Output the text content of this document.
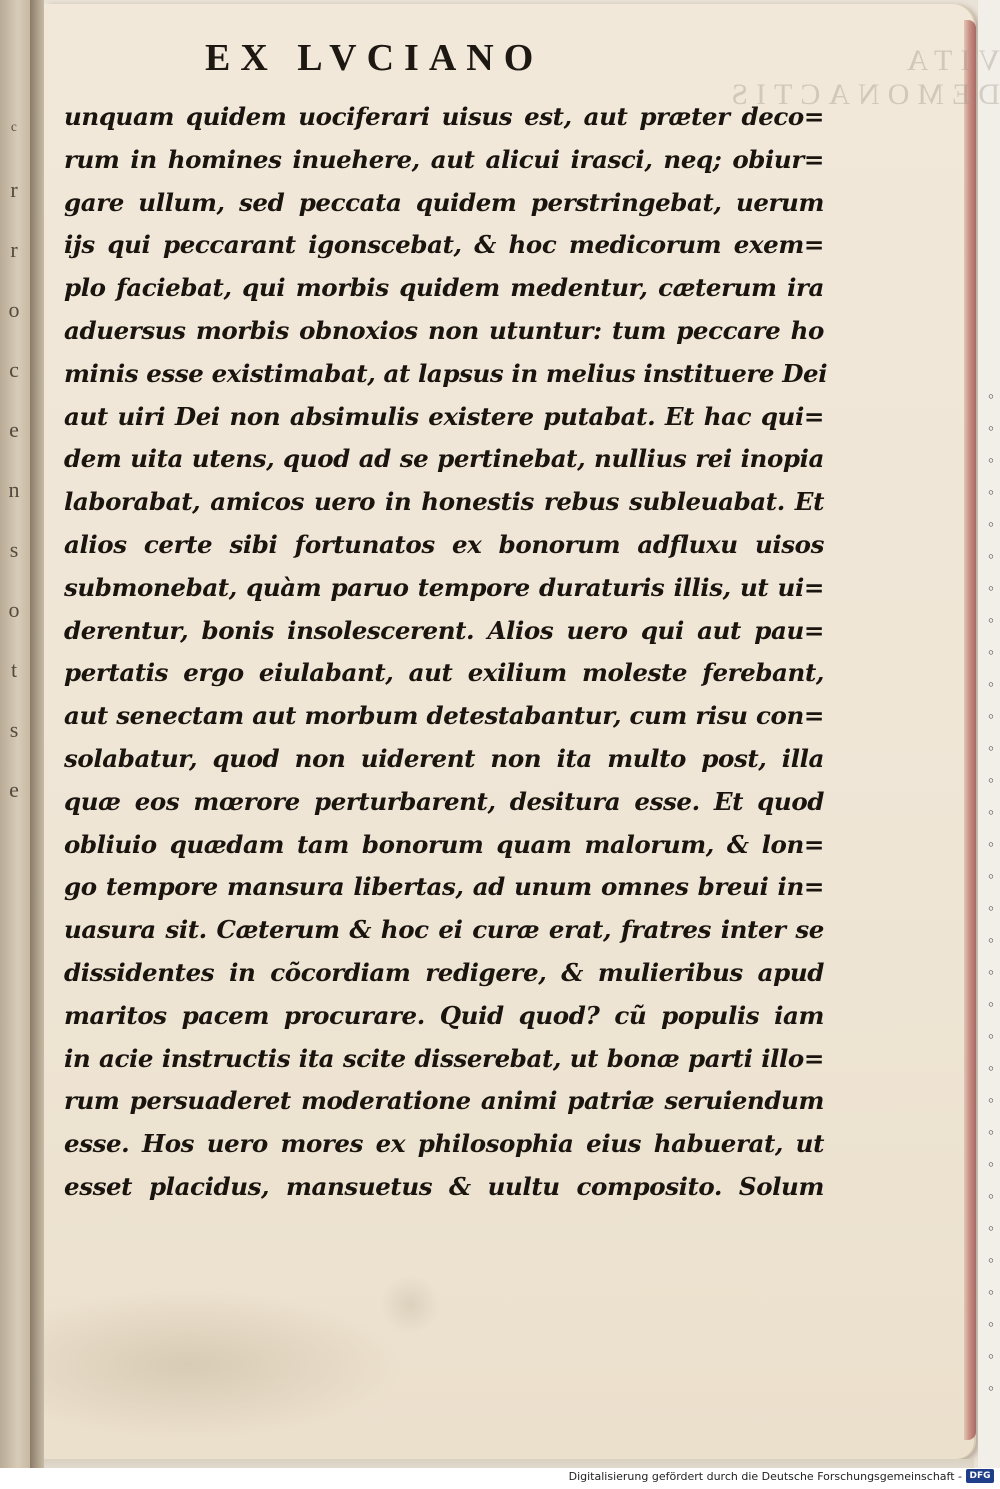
ᶜ
r
r
o
c
e
n
s
o
t
s
e
◦
◦
◦
◦
◦
◦
◦
◦
◦
◦
◦
◦
◦
◦
◦
◦
◦
◦
◦
◦
◦
◦
◦
◦
◦
◦
◦
◦
◦
◦
◦
◦
VITA DEMONACTIS
EX LVCIANO
unquam quidem uociferari uisus est, aut præter deco=
rum in homines inuehere, aut alicui irasci, neq; obiur=
gare ullum, sed peccata quidem perstringebat, uerum
ijs qui peccarant igonscebat, & hoc medicorum exem=
plo faciebat, qui morbis quidem medentur, cæterum ira
aduersus morbis obnoxios non utuntur: tum peccare ho
minis esse existimabat, at lapsus in melius instituere Dei
aut uiri Dei non absimulis existere putabat. Et hac qui=
dem uita utens, quod ad se pertinebat, nullius rei inopia
laborabat, amicos uero in honestis rebus subleuabat. Et
alios certe sibi fortunatos ex bonorum adfluxu uisos
submonebat, quàm paruo tempore duraturis illis, ut ui=
derentur, bonis insolescerent. Alios uero qui aut pau=
pertatis ergo eiulabant, aut exilium moleste ferebant,
aut senectam aut morbum detestabantur, cum risu con=
solabatur, quod non uiderent non ita multo post, illa
quæ eos mœrore perturbarent, desitura esse. Et quod
obliuio quædam tam bonorum quam malorum, & lon=
go tempore mansura libertas, ad unum omnes breui in=
uasura sit. Cæterum & hoc ei curæ erat, fratres inter se
dissidentes in cõcordiam redigere, & mulieribus apud
maritos pacem procurare. Quid quod? cũ populis iam
in acie instructis ita scite disserebat, ut bonæ parti illo=
rum persuaderet moderatione animi patriæ seruiendum
esse. Hos uero mores ex philosophia eius habuerat, ut
esset placidus, mansuetus & uultu composito. Solum
Digitalisierung gefördert durch die Deutsche Forschungsgemeinschaft - DFG
